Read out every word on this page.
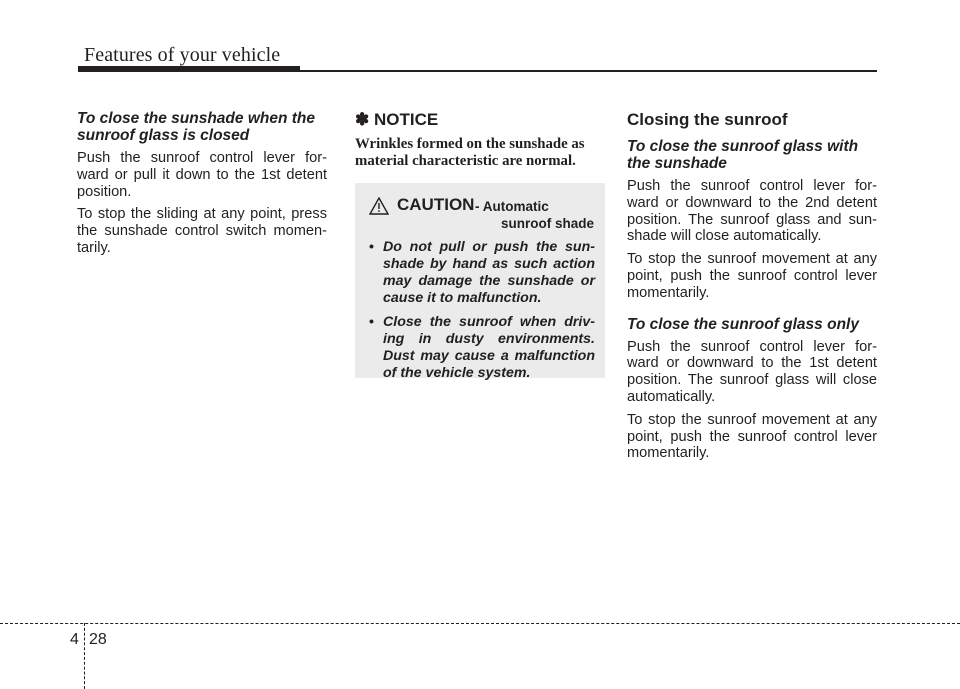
Features of your vehicle

To close the sunshade when the sunroof glass is closed

Push the sunroof control lever for-ward or pull it down to the 1st detent position.

To stop the sliding at any point, press the sunshade control switch momen-tarily.

✽ NOTICE

Wrinkles formed on the sunshade as material characteristic are normal.

CAUTION - Automatic
sunroof shade
• Do not pull or push the sun-shade by hand as such action may damage the sunshade or cause it to malfunction.
• Close the sunroof when driv-ing in dusty environments. Dust may cause a malfunction of the vehicle system.
Closing the sunroof

To close the sunroof glass with the sunshade

Push the sunroof control lever for-ward or downward to the 2nd detent position. The sunroof glass and sun-shade will close automatically.

To stop the sunroof movement at any point, push the sunroof control lever momentarily.

To close the sunroof glass only

Push the sunroof control lever for-ward or downward to the 1st detent position. The sunroof glass will close automatically.

To stop the sunroof movement at any point, push the sunroof control lever momentarily.

4 28
